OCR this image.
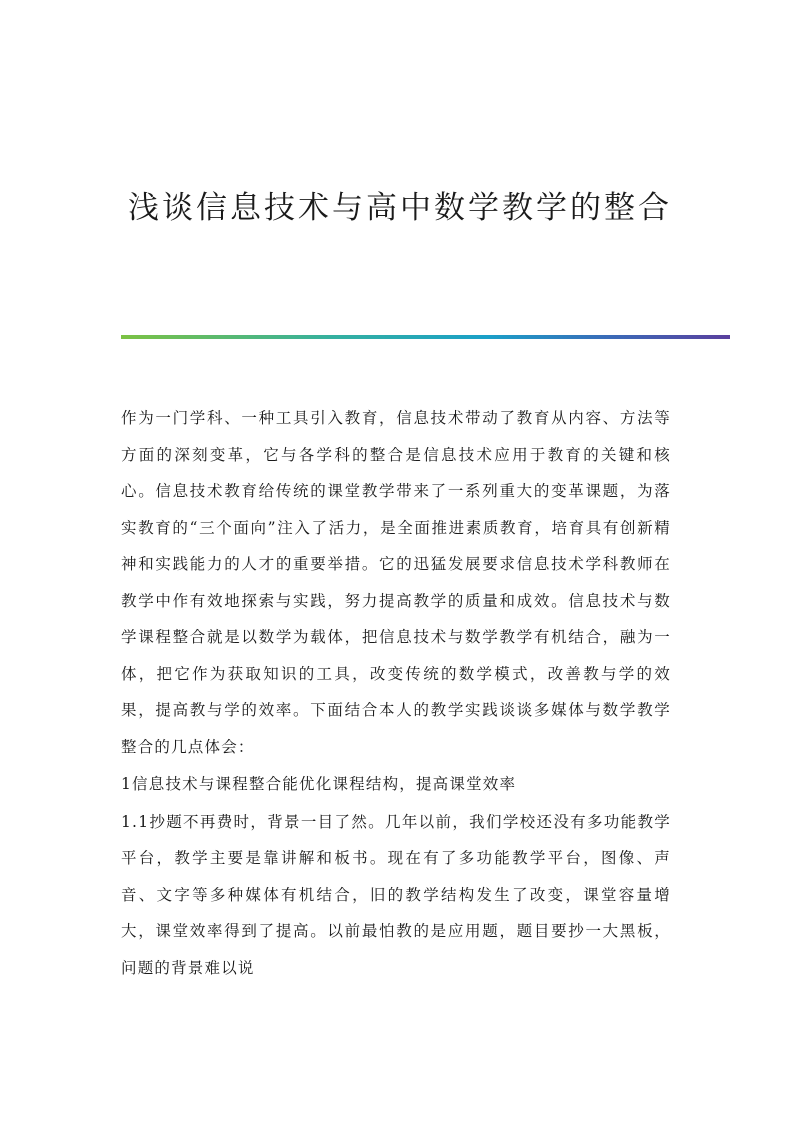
浅谈信息技术与高中数学教学的整合

作为一门学科、一种工具引入教育，信息技术带动了教育从内容、方法等方面的深刻变革，它与各学科的整合是信息技术应用于教育的关键和核心。信息技术教育给传统的课堂教学带来了一系列重大的变革课题，为落实教育的“三个面向”注入了活力，是全面推进素质教育，培育具有创新精神和实践能力的人才的重要举措。它的迅猛发展要求信息技术学科教师在教学中作有效地探索与实践，努力提高教学的质量和成效。信息技术与数学课程整合就是以数学为载体，把信息技术与数学教学有机结合，融为一体，把它作为获取知识的工具，改变传统的数学模式，改善教与学的效果，提高教与学的效率。下面结合本人的教学实践谈谈多媒体与数学教学整合的几点体会：

1信息技术与课程整合能优化课程结构，提高课堂效率

1.1抄题不再费时，背景一目了然。几年以前，我们学校还没有多功能教学平台，教学主要是靠讲解和板书。现在有了多功能教学平台，图像、声音、文字等多种媒体有机结合，旧的教学结构发生了改变，课堂容量增大，课堂效率得到了提高。以前最怕教的是应用题，题目要抄一大黑板，问题的背景难以说
